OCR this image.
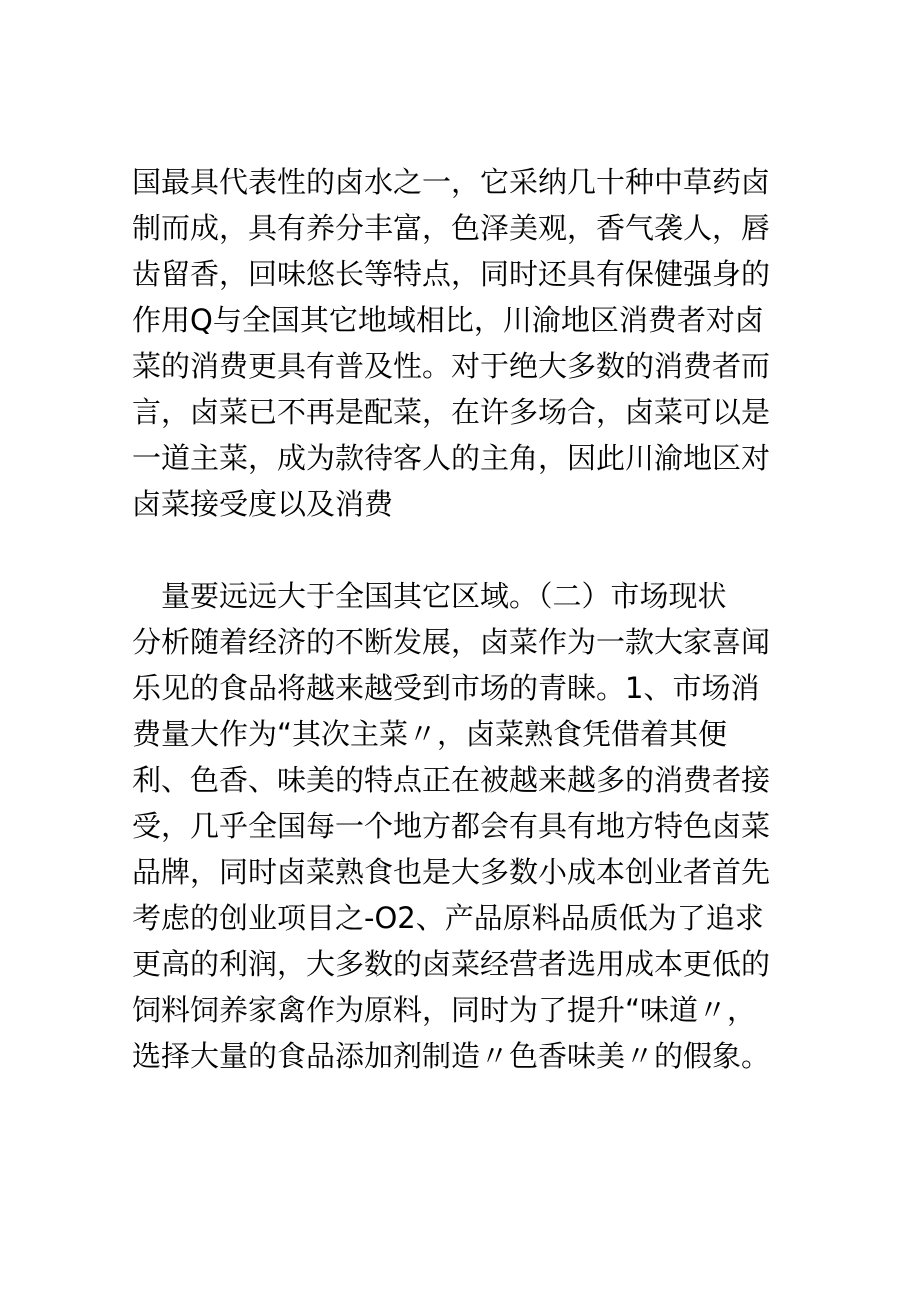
国最具代表性的卤水之一，它采纳几十种中草药卤
制而成，具有养分丰富，色泽美观，香气袭人，唇
齿留香，回味悠长等特点，同时还具有保健强身的
作用Q与全国其它地域相比，川渝地区消费者对卤
菜的消费更具有普及性。对于绝大多数的消费者而
言，卤菜已不再是配菜，在许多场合，卤菜可以是
一道主菜，成为款待客人的主角，因此川渝地区对
卤菜接受度以及消费

　量要远远大于全国其它区域。（二）市场现状
分析随着经济的不断发展，卤菜作为一款大家喜闻
乐见的食品将越来越受到市场的青睐。1、市场消
费量大作为“其次主菜〃，卤菜熟食凭借着其便
利、色香、味美的特点正在被越来越多的消费者接
受，几乎全国每一个地方都会有具有地方特色卤菜
品牌，同时卤菜熟食也是大多数小成本创业者首先
考虑的创业项目之-O2、产品原料品质低为了追求
更高的利润，大多数的卤菜经营者选用成本更低的
饲料饲养家禽作为原料，同时为了提升“味道〃，
选择大量的食品添加剂制造〃色香味美〃的假象。
